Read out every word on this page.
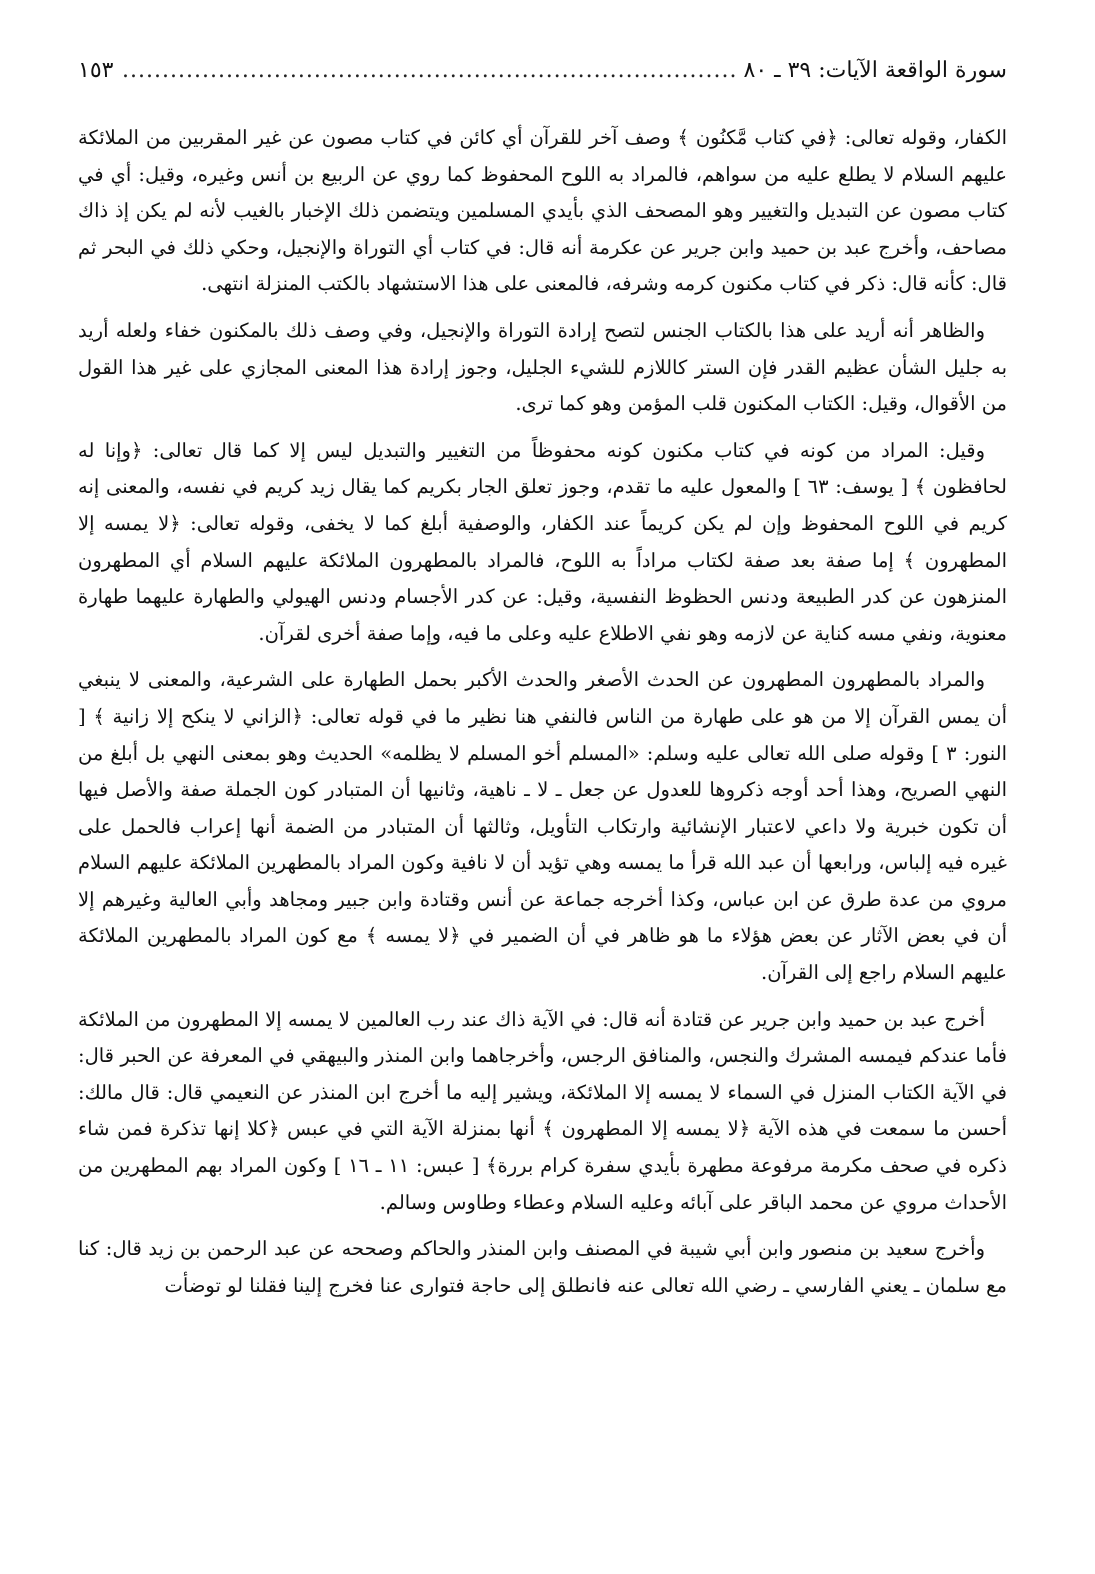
سورة الواقعة الآيات: ٣٩ ـ ٨٠
.....
١٥٣

الكفار، وقوله تعالى: ﴿في كتاب مَّكنُون ﴾ وصف آخر للقرآن أي كائن في كتاب مصون عن غير المقربين من الملائكة عليهم السلام لا يطلع عليه من سواهم، فالمراد به اللوح المحفوظ كما روي عن الربيع بن أنس وغيره، وقيل: أي في كتاب مصون عن التبديل والتغيير وهو المصحف الذي بأيدي المسلمين ويتضمن ذلك الإخبار بالغيب لأنه لم يكن إذ ذاك مصاحف، وأخرج عبد بن حميد وابن جرير عن عكرمة أنه قال: في كتاب أي التوراة والإنجيل، وحكي ذلك في البحر ثم قال: كأنه قال: ذكر في كتاب مكنون كرمه وشرفه، فالمعنى على هذا الاستشهاد بالكتب المنزلة انتهى.

والظاهر أنه أريد على هذا بالكتاب الجنس لتصح إرادة التوراة والإنجيل، وفي وصف ذلك بالمكنون خفاء ولعله أريد به جليل الشأن عظيم القدر فإن الستر كاللازم للشيء الجليل، وجوز إرادة هذا المعنى المجازي على غير هذا القول من الأقوال، وقيل: الكتاب المكنون قلب المؤمن وهو كما ترى.

وقيل: المراد من كونه في كتاب مكنون كونه محفوظاً من التغيير والتبديل ليس إلا كما قال تعالى: ﴿وإنا له لحافظون ﴾ [ يوسف: ٦٣ ] والمعول عليه ما تقدم، وجوز تعلق الجار بكريم كما يقال زيد كريم في نفسه، والمعنى إنه كريم في اللوح المحفوظ وإن لم يكن كريماً عند الكفار، والوصفية أبلغ كما لا يخفى، وقوله تعالى: ﴿لا يمسه إلا المطهرون ﴾ إما صفة بعد صفة لكتاب مراداً به اللوح، فالمراد بالمطهرون الملائكة عليهم السلام أي المطهرون المنزهون عن كدر الطبيعة ودنس الحظوظ النفسية، وقيل: عن كدر الأجسام ودنس الهيولي والطهارة عليهما طهارة معنوية، ونفي مسه كناية عن لازمه وهو نفي الاطلاع عليه وعلى ما فيه، وإما صفة أخرى لقرآن.

والمراد بالمطهرون المطهرون عن الحدث الأصغر والحدث الأكبر بحمل الطهارة على الشرعية، والمعنى لا ينبغي أن يمس القرآن إلا من هو على طهارة من الناس فالنفي هنا نظير ما في قوله تعالى: ﴿الزاني لا ينكح إلا زانية ﴾ [ النور: ٣ ] وقوله صلى الله تعالى عليه وسلم: «المسلم أخو المسلم لا يظلمه» الحديث وهو بمعنى النهي بل أبلغ من النهي الصريح، وهذا أحد أوجه ذكروها للعدول عن جعل ـ لا ـ ناهية، وثانيها أن المتبادر كون الجملة صفة والأصل فيها أن تكون خبرية ولا داعي لاعتبار الإنشائية وارتكاب التأويل، وثالثها أن المتبادر من الضمة أنها إعراب فالحمل على غيره فيه إلباس، ورابعها أن عبد الله قرأ ما يمسه وهي تؤيد أن لا نافية وكون المراد بالمطهرين الملائكة عليهم السلام مروي من عدة طرق عن ابن عباس، وكذا أخرجه جماعة عن أنس وقتادة وابن جبير ومجاهد وأبي العالية وغيرهم إلا أن في بعض الآثار عن بعض هؤلاء ما هو ظاهر في أن الضمير في ﴿لا يمسه ﴾ مع كون المراد بالمطهرين الملائكة عليهم السلام راجع إلى القرآن.

أخرج عبد بن حميد وابن جرير عن قتادة أنه قال: في الآية ذاك عند رب العالمين لا يمسه إلا المطهرون من الملائكة فأما عندكم فيمسه المشرك والنجس، والمنافق الرجس، وأخرجاهما وابن المنذر والبيهقي في المعرفة عن الحبر قال: في الآية الكتاب المنزل في السماء لا يمسه إلا الملائكة، ويشير إليه ما أخرج ابن المنذر عن النعيمي قال: قال مالك: أحسن ما سمعت في هذه الآية ﴿لا يمسه إلا المطهرون ﴾ أنها بمنزلة الآية التي في عبس ﴿كلا إنها تذكرة فمن شاء ذكره في صحف مكرمة مرفوعة مطهرة بأيدي سفرة كرام بررة﴾ [ عبس: ١١ ـ ١٦ ] وكون المراد بهم المطهرين من الأحداث مروي عن محمد الباقر على آبائه وعليه السلام وعطاء وطاوس وسالم.

وأخرج سعيد بن منصور وابن أبي شيبة في المصنف وابن المنذر والحاكم وصححه عن عبد الرحمن بن زيد قال: كنا مع سلمان ـ يعني الفارسي ـ رضي الله تعالى عنه فانطلق إلى حاجة فتوارى عنا فخرج إلينا فقلنا لو توضأت
